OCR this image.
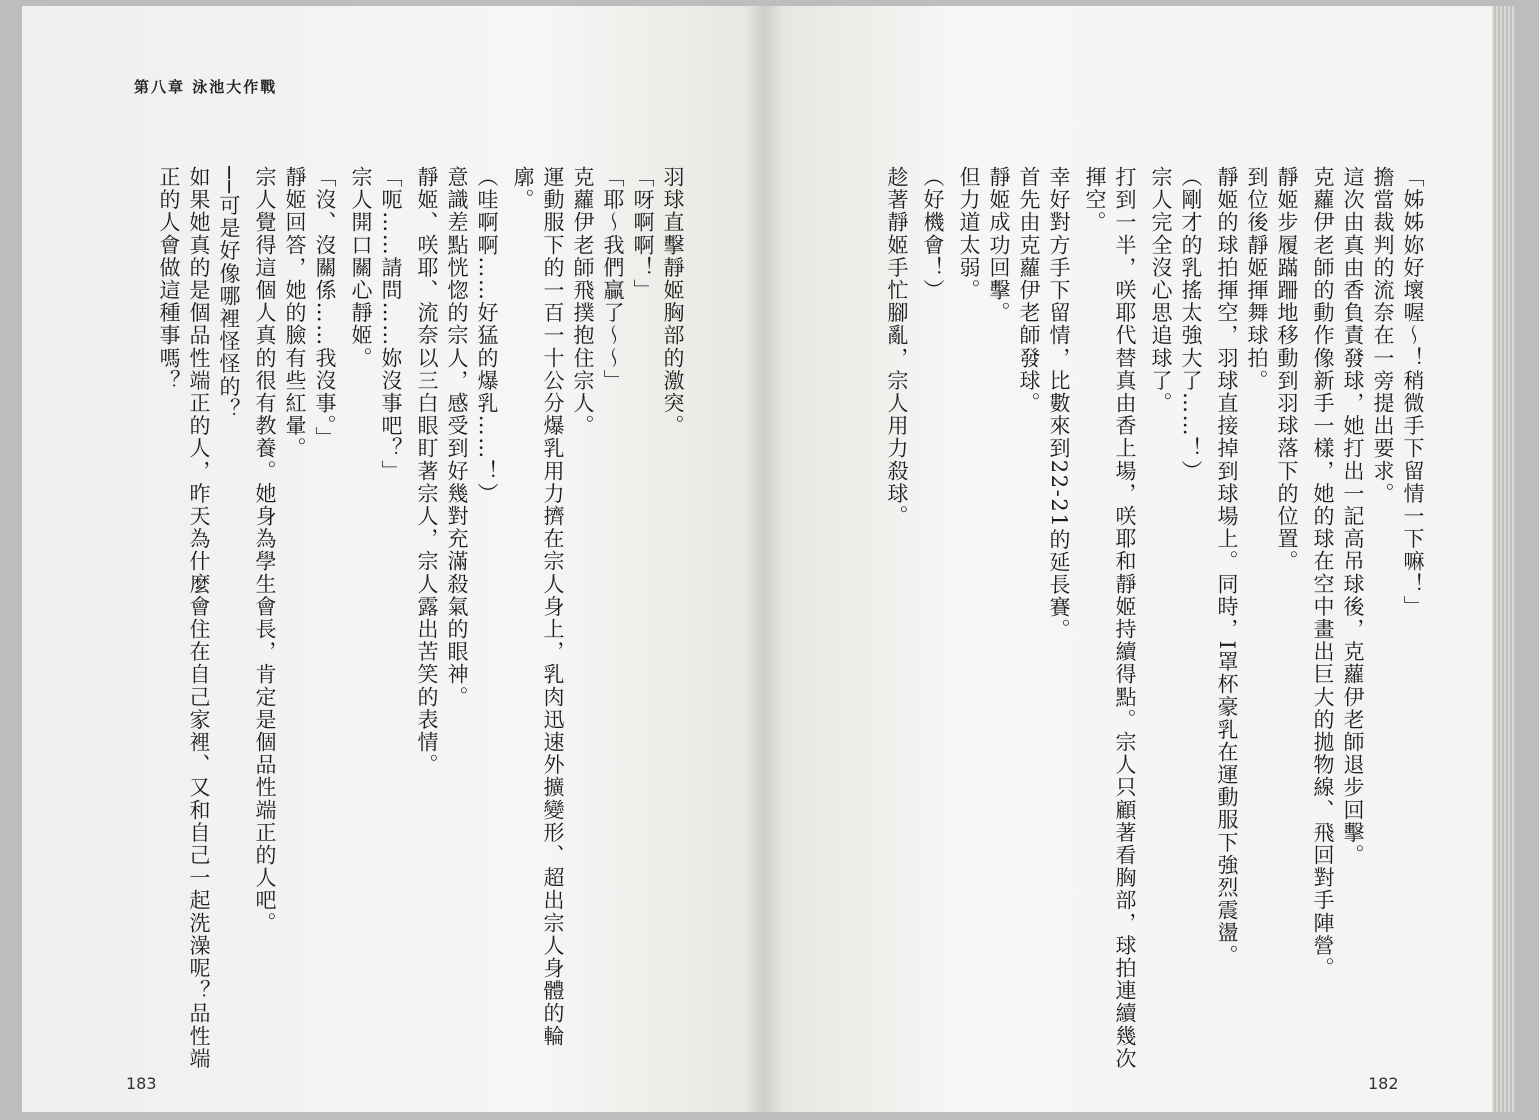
第八章 泳池大作戰

羽球直擊靜姬胸部的激突。
「呀啊啊！」
「耶～我們贏了～～」
克蘿伊老師飛撲抱住宗人。
運動服下的一百一十公分爆乳用力擠在宗人身上，乳肉迅速外擴變形、超出宗人身體的輪
廓。
（哇啊啊……好猛的爆乳……！）
意識差點恍惚的宗人，感受到好幾對充滿殺氣的眼神。
靜姬、咲耶、流奈以三白眼盯著宗人，宗人露出苦笑的表情。
「呃……請問……妳沒事吧？」
宗人開口關心靜姬。
「沒、沒關係……我沒事。」
靜姬回答，她的臉有些紅暈。
宗人覺得這個人真的很有教養。她身為學生會長，肯定是個品性端正的人吧。
──可是好像哪裡怪怪的？
如果她真的是個品性端正的人，昨天為什麼會住在自己家裡、又和自己一起洗澡呢？品性端
正的人會做這種事嗎？
183
「姊姊妳好壞喔～！稍微手下留情一下嘛！」
擔當裁判的流奈在一旁提出要求。
這次由真由香負責發球，她打出一記高吊球後，克蘿伊老師退步回擊。
克蘿伊老師的動作像新手一樣，她的球在空中畫出巨大的拋物線、飛回對手陣營。
靜姬步履蹣跚地移動到羽球落下的位置。
到位後靜姬揮舞球拍。
靜姬的球拍揮空，羽球直接掉到球場上。同時，I罩杯豪乳在運動服下強烈震盪。
（剛才的乳搖太強大了……！）
宗人完全沒心思追球了。
打到一半，咲耶代替真由香上場，咲耶和靜姬持續得點。宗人只顧著看胸部，球拍連續幾次
揮空。
幸好對方手下留情，比數來到22-21的延長賽。
首先由克蘿伊老師發球。
靜姬成功回擊。
但力道太弱。
（好機會！）
趁著靜姬手忙腳亂，宗人用力殺球。
182
